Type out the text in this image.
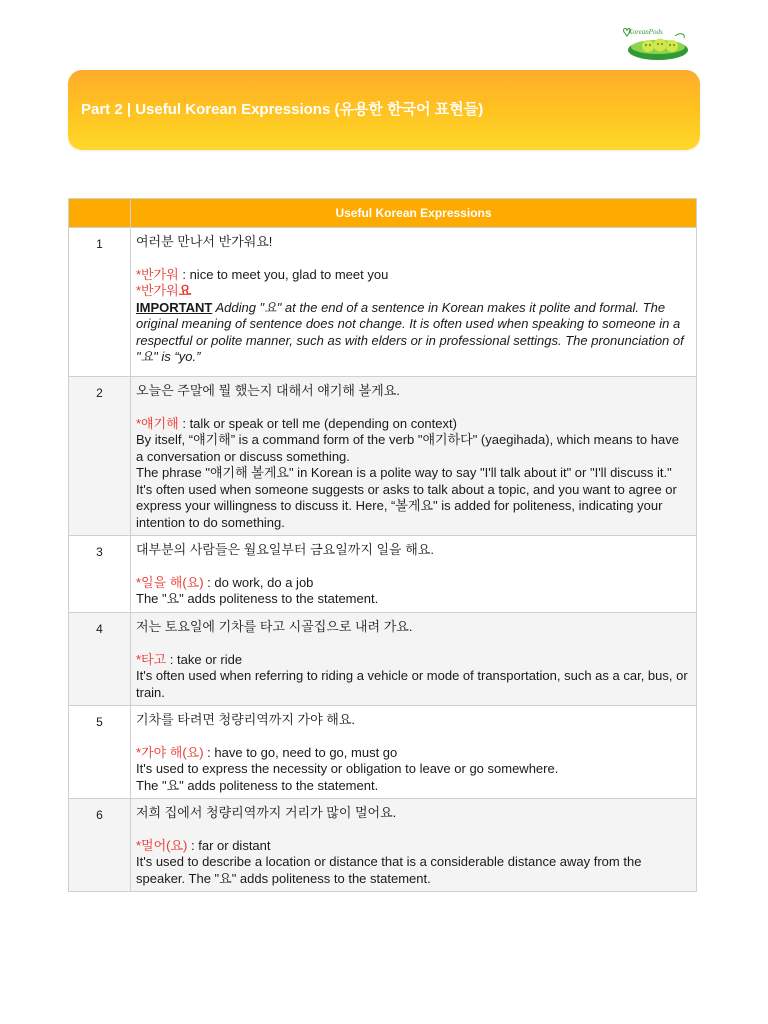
KoreanPods
Part 2 | Useful Korean Expressions (유용한 한국어 표현들)
	Useful Korean Expressions
1	여러분 만나서 반가워요!

*반가워 : nice to meet you, glad to meet you

*반가워요

IMPORTANT Adding "요" at the end of a sentence in Korean makes it polite and formal. The original meaning of sentence does not change. It is often used when speaking to someone in a respectful or polite manner, such as with elders or in professional settings. The pronunciation of "요" is “yo.”

2	오늘은 주말에 뭘 했는지 대해서 얘기해 볼게요.

*얘기해 : talk or speak or tell me (depending on context)

By itself, “얘기해” is a command form of the verb "얘기하다" (yaegihada), which means to have a conversation or discuss something.

The phrase "얘기해 볼게요" in Korean is a polite way to say "I'll talk about it" or "I'll discuss it." It's often used when someone suggests or asks to talk about a topic, and you want to agree or express your willingness to discuss it. Here, “볼게요" is added for politeness, indicating your intention to do something.

3	대부분의 사람들은 월요일부터 금요일까지 일을 해요.

*일을 해(요) : do work, do a job

The "요" adds politeness to the statement.

4	저는 토요일에 기차를 타고 시골집으로 내려 가요.

*타고 : take or ride

It's often used when referring to riding a vehicle or mode of transportation, such as a car, bus, or train.

5	기차를 타려면 청량리역까지 가야 해요.

*가야 해(요) : have to go, need to go, must go

It's used to express the necessity or obligation to leave or go somewhere.

The "요" adds politeness to the statement.

6	저희 집에서 청량리역까지 거리가 많이 멀어요.

*멀어(요) : far or distant

It's used to describe a location or distance that is a considerable distance away from the speaker. The "요" adds politeness to the statement.
